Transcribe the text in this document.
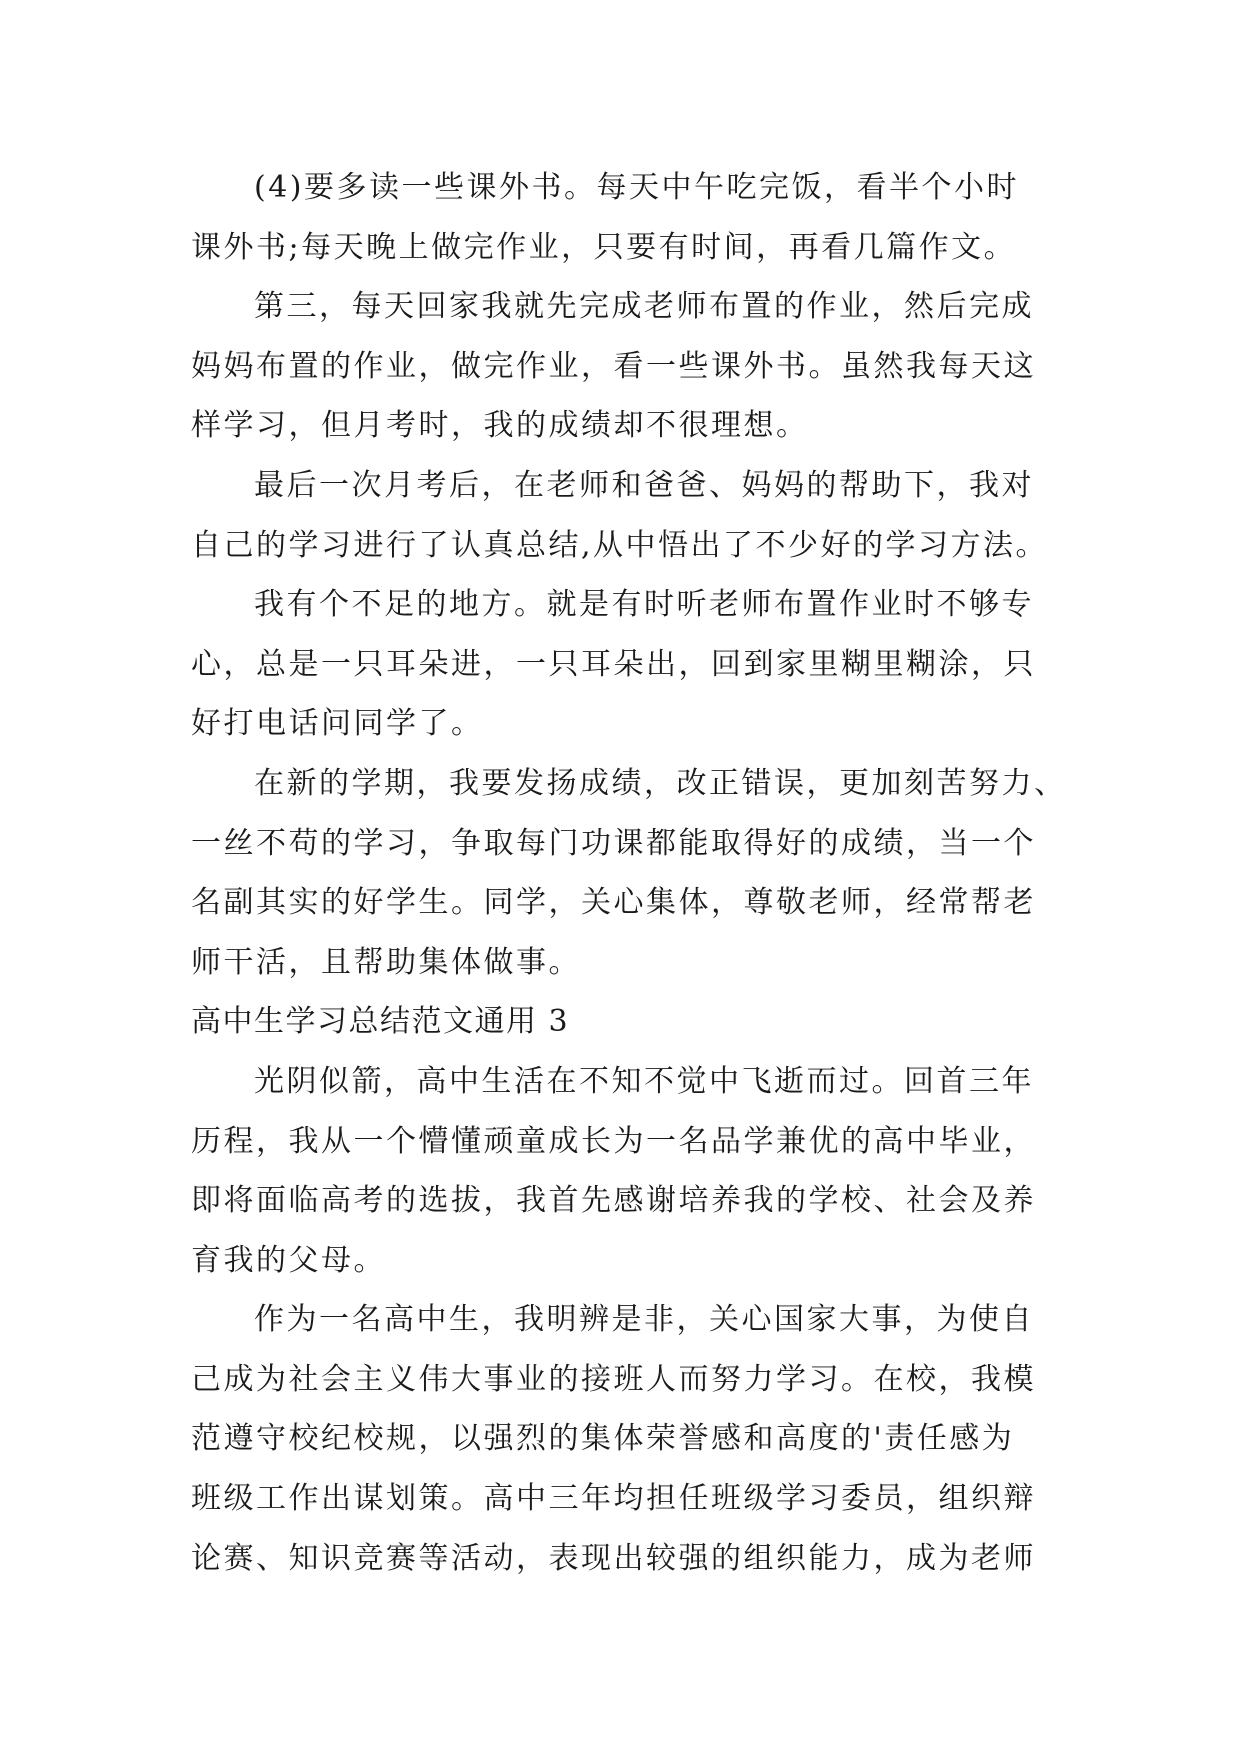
(4)要多读一些课外书。每天中午吃完饭，看半个小时
课外书;每天晚上做完作业，只要有时间，再看几篇作文。
第三，每天回家我就先完成老师布置的作业，然后完成
妈妈布置的作业，做完作业，看一些课外书。虽然我每天这
样学习，但月考时，我的成绩却不很理想。
最后一次月考后，在老师和爸爸、妈妈的帮助下，我对
自己的学习进行了认真总结,从中悟出了不少好的学习方法。
我有个不足的地方。就是有时听老师布置作业时不够专
心，总是一只耳朵进，一只耳朵出，回到家里糊里糊涂，只
好打电话问同学了。
在新的学期，我要发扬成绩，改正错误，更加刻苦努力、
一丝不苟的学习，争取每门功课都能取得好的成绩，当一个
名副其实的好学生。同学，关心集体，尊敬老师，经常帮老
师干活，且帮助集体做事。
高中生学习总结范文通用 3
光阴似箭，高中生活在不知不觉中飞逝而过。回首三年
历程，我从一个懵懂顽童成长为一名品学兼优的高中毕业，
即将面临高考的选拔，我首先感谢培养我的学校、社会及养
育我的父母。
作为一名高中生，我明辨是非，关心国家大事，为使自
己成为社会主义伟大事业的接班人而努力学习。在校，我模
范遵守校纪校规，以强烈的集体荣誉感和高度的'责任感为
班级工作出谋划策。高中三年均担任班级学习委员，组织辩
论赛、知识竞赛等活动，表现出较强的组织能力，成为老师
